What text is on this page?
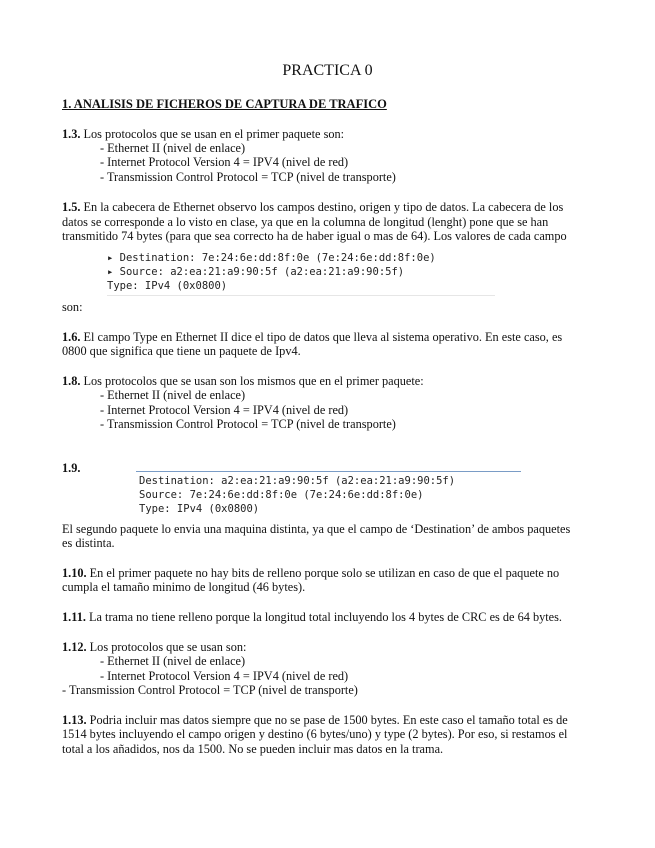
PRACTICA 0
1. ANALISIS DE FICHEROS DE CAPTURA DE TRAFICO
1.3. Los protocolos que se usan en el primer paquete son:
- Ethernet II (nivel de enlace)
- Internet Protocol Version 4 = IPV4 (nivel de red)
- Transmission Control Protocol = TCP (nivel de transporte)
1.5. En la cabecera de Ethernet observo los campos destino, origen y tipo de datos. La cabecera de los
datos se corresponde a lo visto en clase, ya que en la columna de longitud (lenght) pone que se han
transmitido 74 bytes (para que sea correcto ha de haber igual o mas de 64). Los valores de cada campo
▸ Destination: 7e:24:6e:dd:8f:0e (7e:24:6e:dd:8f:0e)
▸ Source: a2:ea:21:a9:90:5f (a2:ea:21:a9:90:5f)
Type: IPv4 (0x0800)
son:
1.6. El campo Type en Ethernet II dice el tipo de datos que lleva al sistema operativo. En este caso, es
0800 que significa que tiene un paquete de Ipv4.
1.8. Los protocolos que se usan son los mismos que en el primer paquete:
- Ethernet II (nivel de enlace)
- Internet Protocol Version 4 = IPV4 (nivel de red)
- Transmission Control Protocol = TCP (nivel de transporte)
1.9.
Destination: a2:ea:21:a9:90:5f (a2:ea:21:a9:90:5f)
Source: 7e:24:6e:dd:8f:0e (7e:24:6e:dd:8f:0e)
Type: IPv4 (0x0800)
El segundo paquete lo envia una maquina distinta, ya que el campo de ‘Destination’ de ambos paquetes
es distinta.
1.10. En el primer paquete no hay bits de relleno porque solo se utilizan en caso de que el paquete no
cumpla el tamaño minimo de longitud (46 bytes).
1.11. La trama no tiene relleno porque la longitud total incluyendo los 4 bytes de CRC es de 64 bytes.
1.12. Los protocolos que se usan son:
- Ethernet II (nivel de enlace)
- Internet Protocol Version 4 = IPV4 (nivel de red)
- Transmission Control Protocol = TCP (nivel de transporte)
1.13. Podria incluir mas datos siempre que no se pase de 1500 bytes. En este caso el tamaño total es de
1514 bytes incluyendo el campo origen y destino (6 bytes/uno) y type (2 bytes). Por eso, si restamos el
total a los añadidos, nos da 1500. No se pueden incluir mas datos en la trama.
